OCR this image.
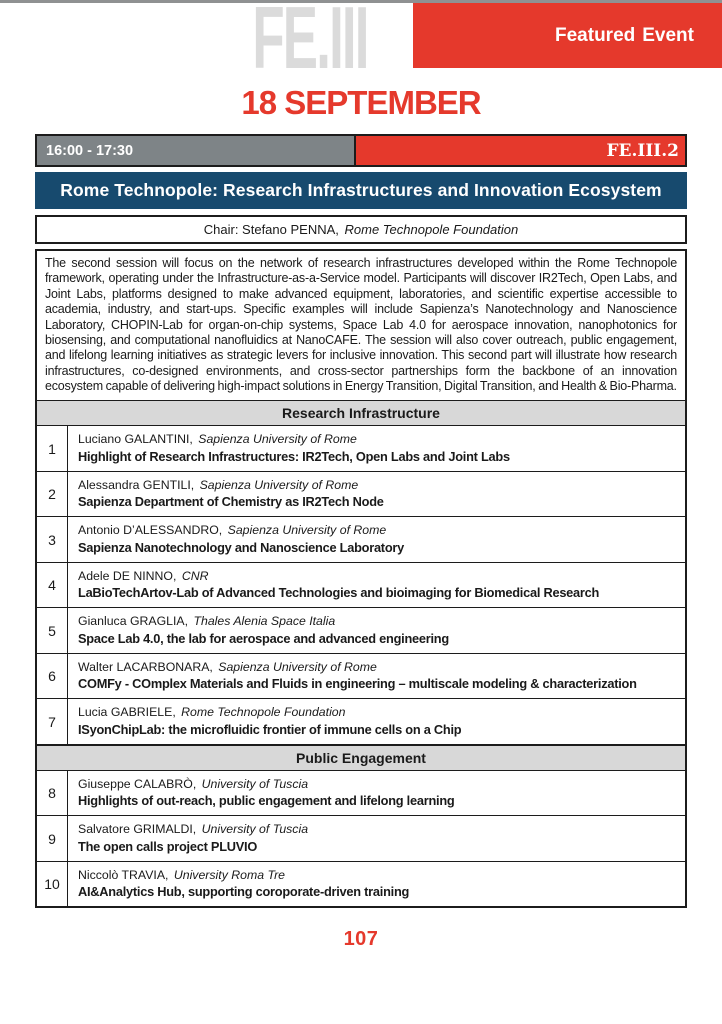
FE.III	Featured Event
18 SEPTEMBER
16:00 - 17:30	FE.III.2
Rome Technopole: Research Infrastructures and Innovation Ecosystem
Chair: Stefano PENNA, Rome Technopole Foundation
The second session will focus on the network of research infrastructures developed within the Rome Technopole framework, operating under the Infrastructure-as-a-Service model. Participants will discover IR2Tech, Open Labs, and Joint Labs, platforms designed to make advanced equipment, laboratories, and scientific expertise accessible to academia, industry, and start-ups. Specific examples will include Sapienza’s Nanotechnology and Nanoscience Laboratory, CHOPIN-Lab for organ-on-chip systems, Space Lab 4.0 for aerospace innovation, nanophotonics for biosensing, and computational nanofluidics at NanoCAFE. The session will also cover outreach, public engagement, and lifelong learning initiatives as strategic levers for inclusive innovation. This second part will illustrate how research infrastructures, co-designed environments, and cross-sector partnerships form the backbone of an innovation ecosystem capable of delivering high-impact solutions in Energy Transition, Digital Transition, and Health & Bio-Pharma.
Research Infrastructure
1
Luciano GALANTINI, Sapienza University of Rome
Highlight of Research Infrastructures: IR2Tech, Open Labs and Joint Labs
2
Alessandra GENTILI, Sapienza University of Rome
Sapienza Department of Chemistry as IR2Tech Node
3
Antonio D’ALESSANDRO, Sapienza University of Rome
Sapienza Nanotechnology and Nanoscience Laboratory
4
Adele DE NINNO, CNR
LaBioTechArtov-Lab of Advanced Technologies and bioimaging for Biomedical Research
5
Gianluca GRAGLIA, Thales Alenia Space Italia
Space Lab 4.0, the lab for aerospace and advanced engineering
6
Walter LACARBONARA, Sapienza University of Rome
COMFy - COmplex Materials and Fluids in engineering – multiscale modeling & characterization
7
Lucia GABRIELE, Rome Technopole Foundation
ISyonChipLab: the microfluidic frontier of immune cells on a Chip
Public Engagement
8
Giuseppe CALABRÒ, University of Tuscia
Highlights of out-reach, public engagement and lifelong learning
9
Salvatore GRIMALDI, University of Tuscia
The open calls project PLUVIO
10
Niccolò TRAVIA, University Roma Tre
AI&Analytics Hub, supporting coroporate-driven training
107
